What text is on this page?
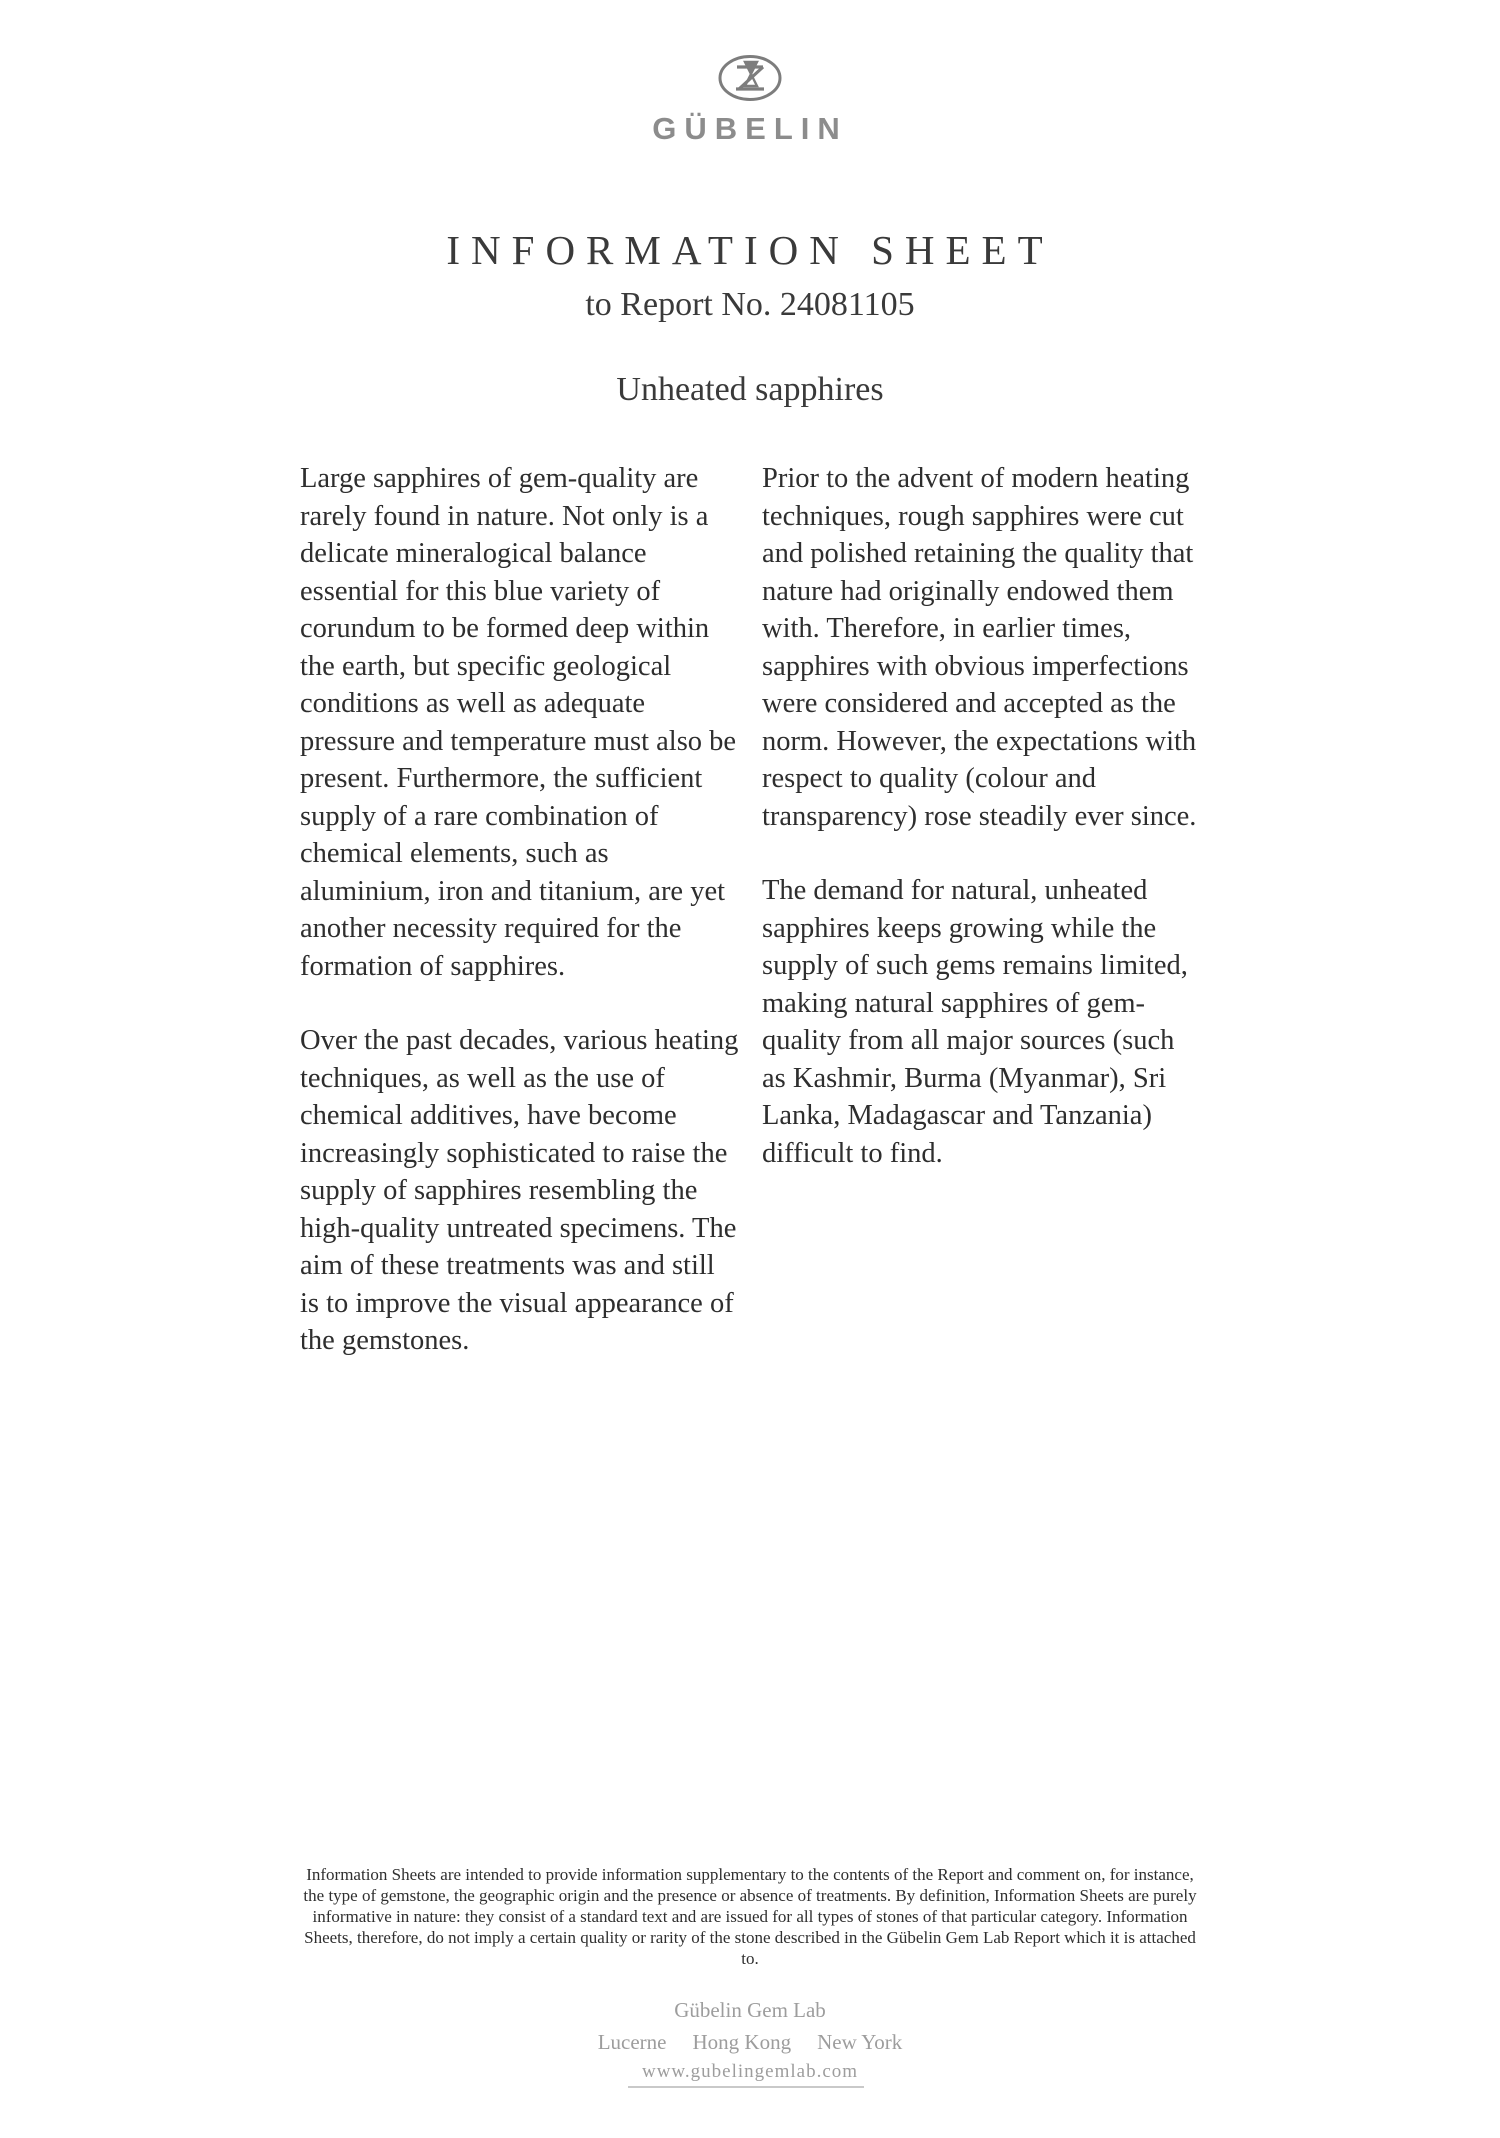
GÜBELIN
INFORMATION SHEET
to Report No. 24081105
Unheated sapphires

Large sapphires of gem-quality are rarely found in nature. Not only is a delicate mineralogical balance essential for this blue variety of corundum to be formed deep within the earth, but specific geological conditions as well as adequate pressure and temperature must also be present. Furthermore, the sufficient supply of a rare combination of chemical elements, such as aluminium, iron and titanium, are yet another necessity required for the formation of sapphires.

Over the past decades, various heating techniques, as well as the use of chemical additives, have become increasingly sophisticated to raise the supply of sapphires resembling the high-quality untreated specimens. The aim of these treatments was and still is to improve the visual appearance of the gemstones.

Prior to the advent of modern heating techniques, rough sapphires were cut and polished retaining the quality that nature had originally endowed them with. Therefore, in earlier times, sapphires with obvious imperfections were considered and accepted as the norm. However, the expectations with respect to quality (colour and transparency) rose steadily ever since.

The demand for natural, unheated sapphires keeps growing while the supply of such gems remains limited, making natural sapphires of gem-quality from all major sources (such as Kashmir, Burma (Myanmar), Sri Lanka, Madagascar and Tanzania) difficult to find.

Information Sheets are intended to provide information supplementary to the contents of the Report and comment on, for instance, the type of gemstone, the geographic origin and the presence or absence of treatments. By definition, Information Sheets are purely informative in nature: they consist of a standard text and are issued for all types of stones of that particular category. Information Sheets, therefore, do not imply a certain quality or rarity of the stone described in the Gübelin Gem Lab Report which it is attached to.
Gübelin Gem Lab
Lucerne Hong Kong New York
www.gubelingemlab.com
